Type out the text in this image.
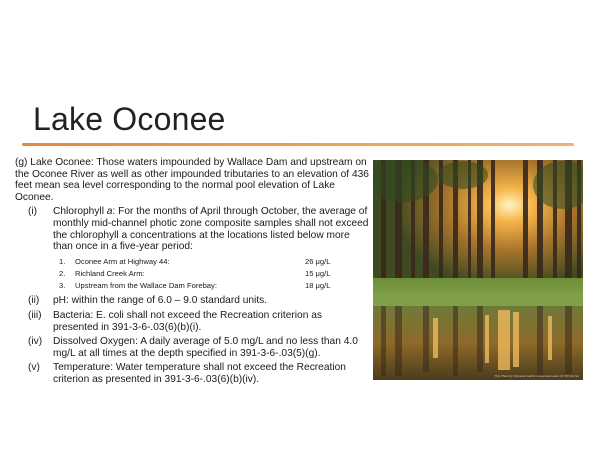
Lake Oconee

(g) Lake Oconee: Those waters impounded by Wallace Dam and upstream on the Oconee River as well as other impounded tributaries to an elevation of 436 feet mean sea level corresponding to the normal pool elevation of Lake Oconee.

(i) Chlorophyll a: For the months of April through October, the average of monthly mid-channel photic zone composite samples shall not exceed the chlorophyll a concentrations at the locations listed below more than once in a five-year period:
1. Oconee Arm at Highway 44:	26 μg/L
2. Richland Creek Arm:	15 μg/L
3. Upstream from the Wallace Dam Forebay:	18 μg/L
(ii) pH: within the range of 6.0 – 9.0 standard units.
(iii) Bacteria: E. coli shall not exceed the Recreation criterion as presented in 391-3-6-.03(6)(b)(i).
(iv) Dissolved Oxygen: A daily average of 5.0 mg/L and no less than 4.0 mg/L at all times at the depth specified in 391-3-6-.03(5)(g).
(v) Temperature: Water temperature shall not exceed the Recreation criterion as presented in 391-3-6-.03(6)(b)(iv).	This Photo by Unknown Author is licensed under CC BY-NC-SA
